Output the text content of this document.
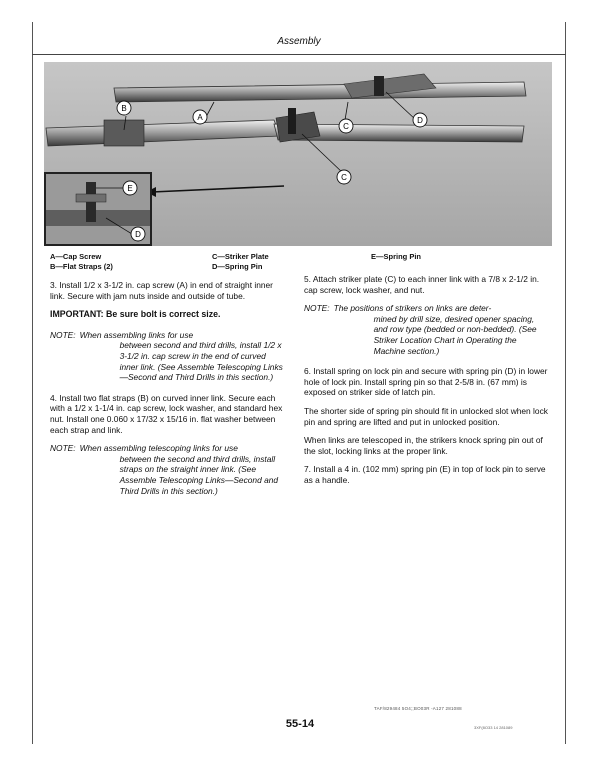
Assembly
B
A
C
D
C
E
D
A—Cap Screw
B—Flat Straps (2)
C—Striker Plate
D—Spring Pin
E—Spring Pin

3. Install 1/2 x 3-1/2 in. cap screw (A) in end of straight inner link. Secure with jam nuts inside and outside of tube.

IMPORTANT: Be sure bolt is correct size.

NOTE: When assembling links for use
between second and third drills, install 1/2 x 3-1/2 in. cap screw in the end of curved inner link. (See Assemble Telescoping Links—Second and Third Drills in this section.)

4. Install two flat straps (B) on curved inner link. Secure each with a 1/2 x 1-1/4 in. cap screw, lock washer, and standard hex nut. Install one 0.060 x 17/32 x 15/16 in. flat washer between each strap and link.

NOTE: When assembling telescoping links for use
between the second and third drills, install straps on the straight inner link. (See Assemble Telescoping Links—Second and Third Drills in this section.)

5. Attach striker plate (C) to each inner link with a 7/8 x 2-1/2 in. cap screw, lock washer, and nut.

NOTE: The positions of strikers on links are deter-
mined by drill size, desired opener spacing, and row type (bedded or non-bedded). (See Striker Location Chart in Operating the Machine section.)

6. Install spring on lock pin and secure with spring pin (D) in lower hole of lock pin. Install spring pin so that 2-5/8 in. (67 mm) is exposed on striker side of latch pin.

The shorter side of spring pin should fit in unlocked slot when lock pin and spring are lifted and put in unlocked position.

When links are telescoped in, the strikers knock spring pin out of the slot, locking links at the proper link.

7. Install a 4 in. (102 mm) spring pin (E) in top of lock pin to serve as a handle.

TAF/829484 5O4;;BO03R -A127 281088
55-14	3XF(8O33 14 281089
